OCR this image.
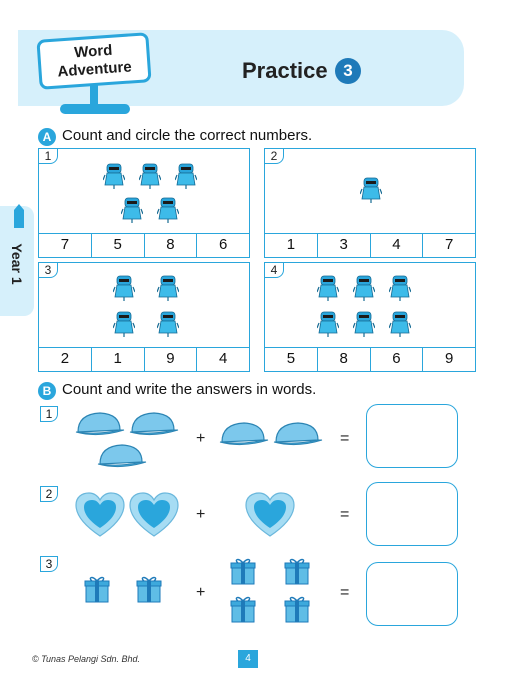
Word
Adventure	Practice 3
Year 1
A Count and circle the correct numbers.
1
7	5	8	6
2
1	3	4	7
3
2	1	9	4
4
5	8	6	9
B Count and write the answers in words.
1
+	=
2
+	=
3
+	=
© Tunas Pelangi Sdn. Bhd.	4
